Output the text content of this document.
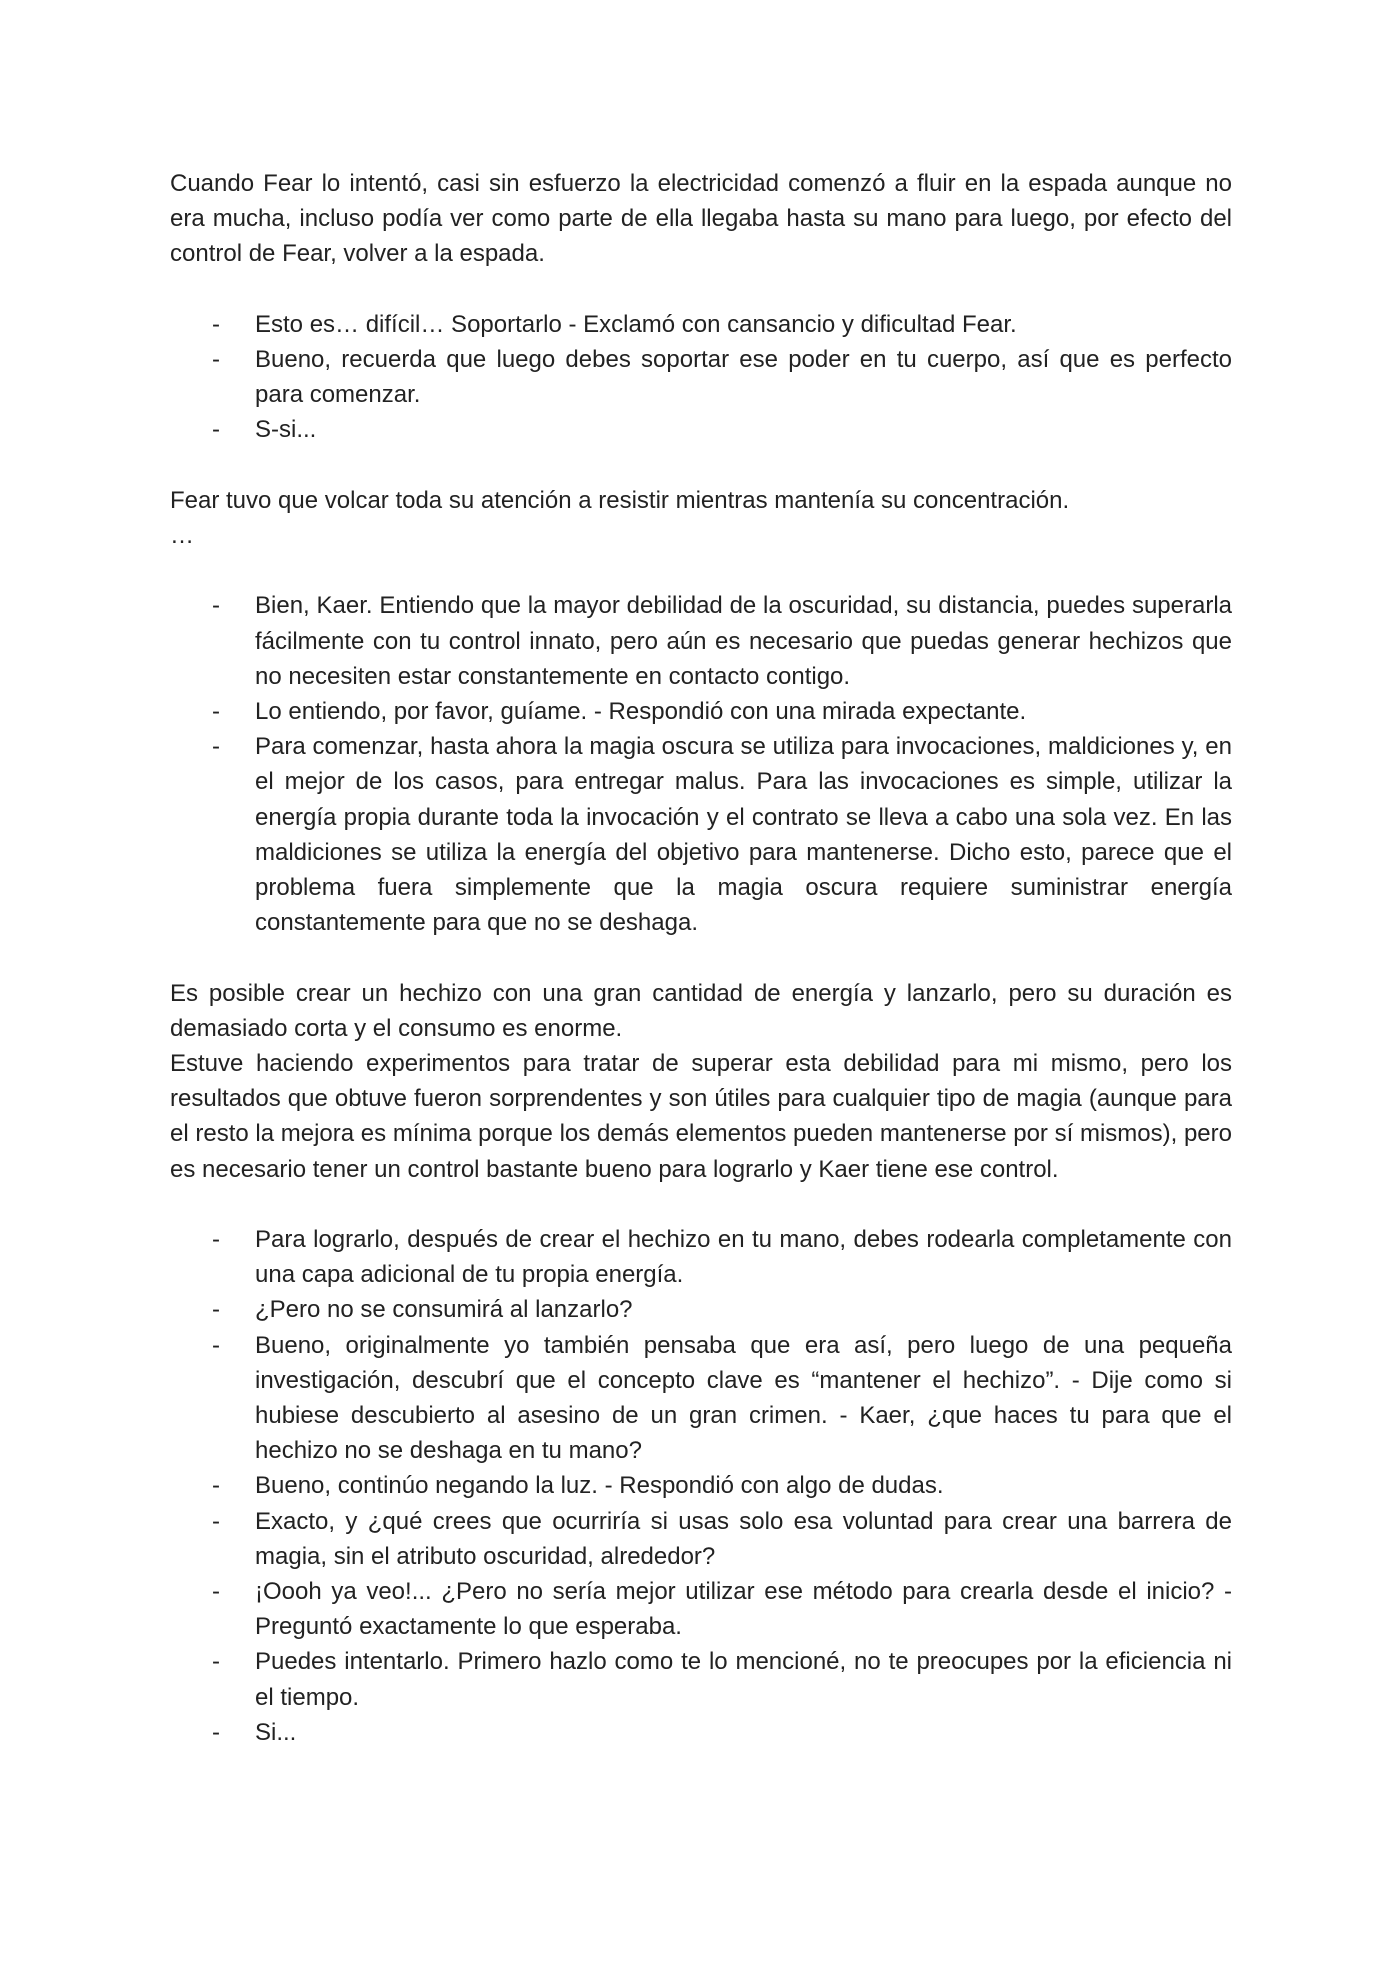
Cuando Fear lo intentó, casi sin esfuerzo la electricidad comenzó a fluir en la espada aunque no era mucha, incluso podía ver como parte de ella llegaba hasta su mano para luego, por efecto del control de Fear, volver a la espada.

- Esto es… difícil… Soportarlo - Exclamó con cansancio y dificultad Fear.
- Bueno, recuerda que luego debes soportar ese poder en tu cuerpo, así que es perfecto para comenzar.
- S-si...

Fear tuvo que volcar toda su atención a resistir mientras mantenía su concentración.

…

- Bien, Kaer. Entiendo que la mayor debilidad de la oscuridad, su distancia, puedes superarla fácilmente con tu control innato, pero aún es necesario que puedas generar hechizos que no necesiten estar constantemente en contacto contigo.
- Lo entiendo, por favor, guíame. - Respondió con una mirada expectante.
- Para comenzar, hasta ahora la magia oscura se utiliza para invocaciones, maldiciones y, en el mejor de los casos, para entregar malus. Para las invocaciones es simple, utilizar la energía propia durante toda la invocación y el contrato se lleva a cabo una sola vez. En las maldiciones se utiliza la energía del objetivo para mantenerse. Dicho esto, parece que el problema fuera simplemente que la magia oscura requiere suministrar energía constantemente para que no se deshaga.

Es posible crear un hechizo con una gran cantidad de energía y lanzarlo, pero su duración es demasiado corta y el consumo es enorme.

Estuve haciendo experimentos para tratar de superar esta debilidad para mi mismo, pero los resultados que obtuve fueron sorprendentes y son útiles para cualquier tipo de magia (aunque para el resto la mejora es mínima porque los demás elementos pueden mantenerse por sí mismos), pero es necesario tener un control bastante bueno para lograrlo y Kaer tiene ese control.

- Para lograrlo, después de crear el hechizo en tu mano, debes rodearla completamente con una capa adicional de tu propia energía.
- ¿Pero no se consumirá al lanzarlo?
- Bueno, originalmente yo también pensaba que era así, pero luego de una pequeña investigación, descubrí que el concepto clave es “mantener el hechizo”. - Dije como si hubiese descubierto al asesino de un gran crimen. - Kaer, ¿que haces tu para que el hechizo no se deshaga en tu mano?
- Bueno, continúo negando la luz. - Respondió con algo de dudas.
- Exacto, y ¿qué crees que ocurriría si usas solo esa voluntad para crear una barrera de magia, sin el atributo oscuridad, alrededor?
- ¡Oooh ya veo!... ¿Pero no sería mejor utilizar ese método para crearla desde el inicio? - Preguntó exactamente lo que esperaba.
- Puedes intentarlo. Primero hazlo como te lo mencioné, no te preocupes por la eficiencia ni el tiempo.
- Si...
